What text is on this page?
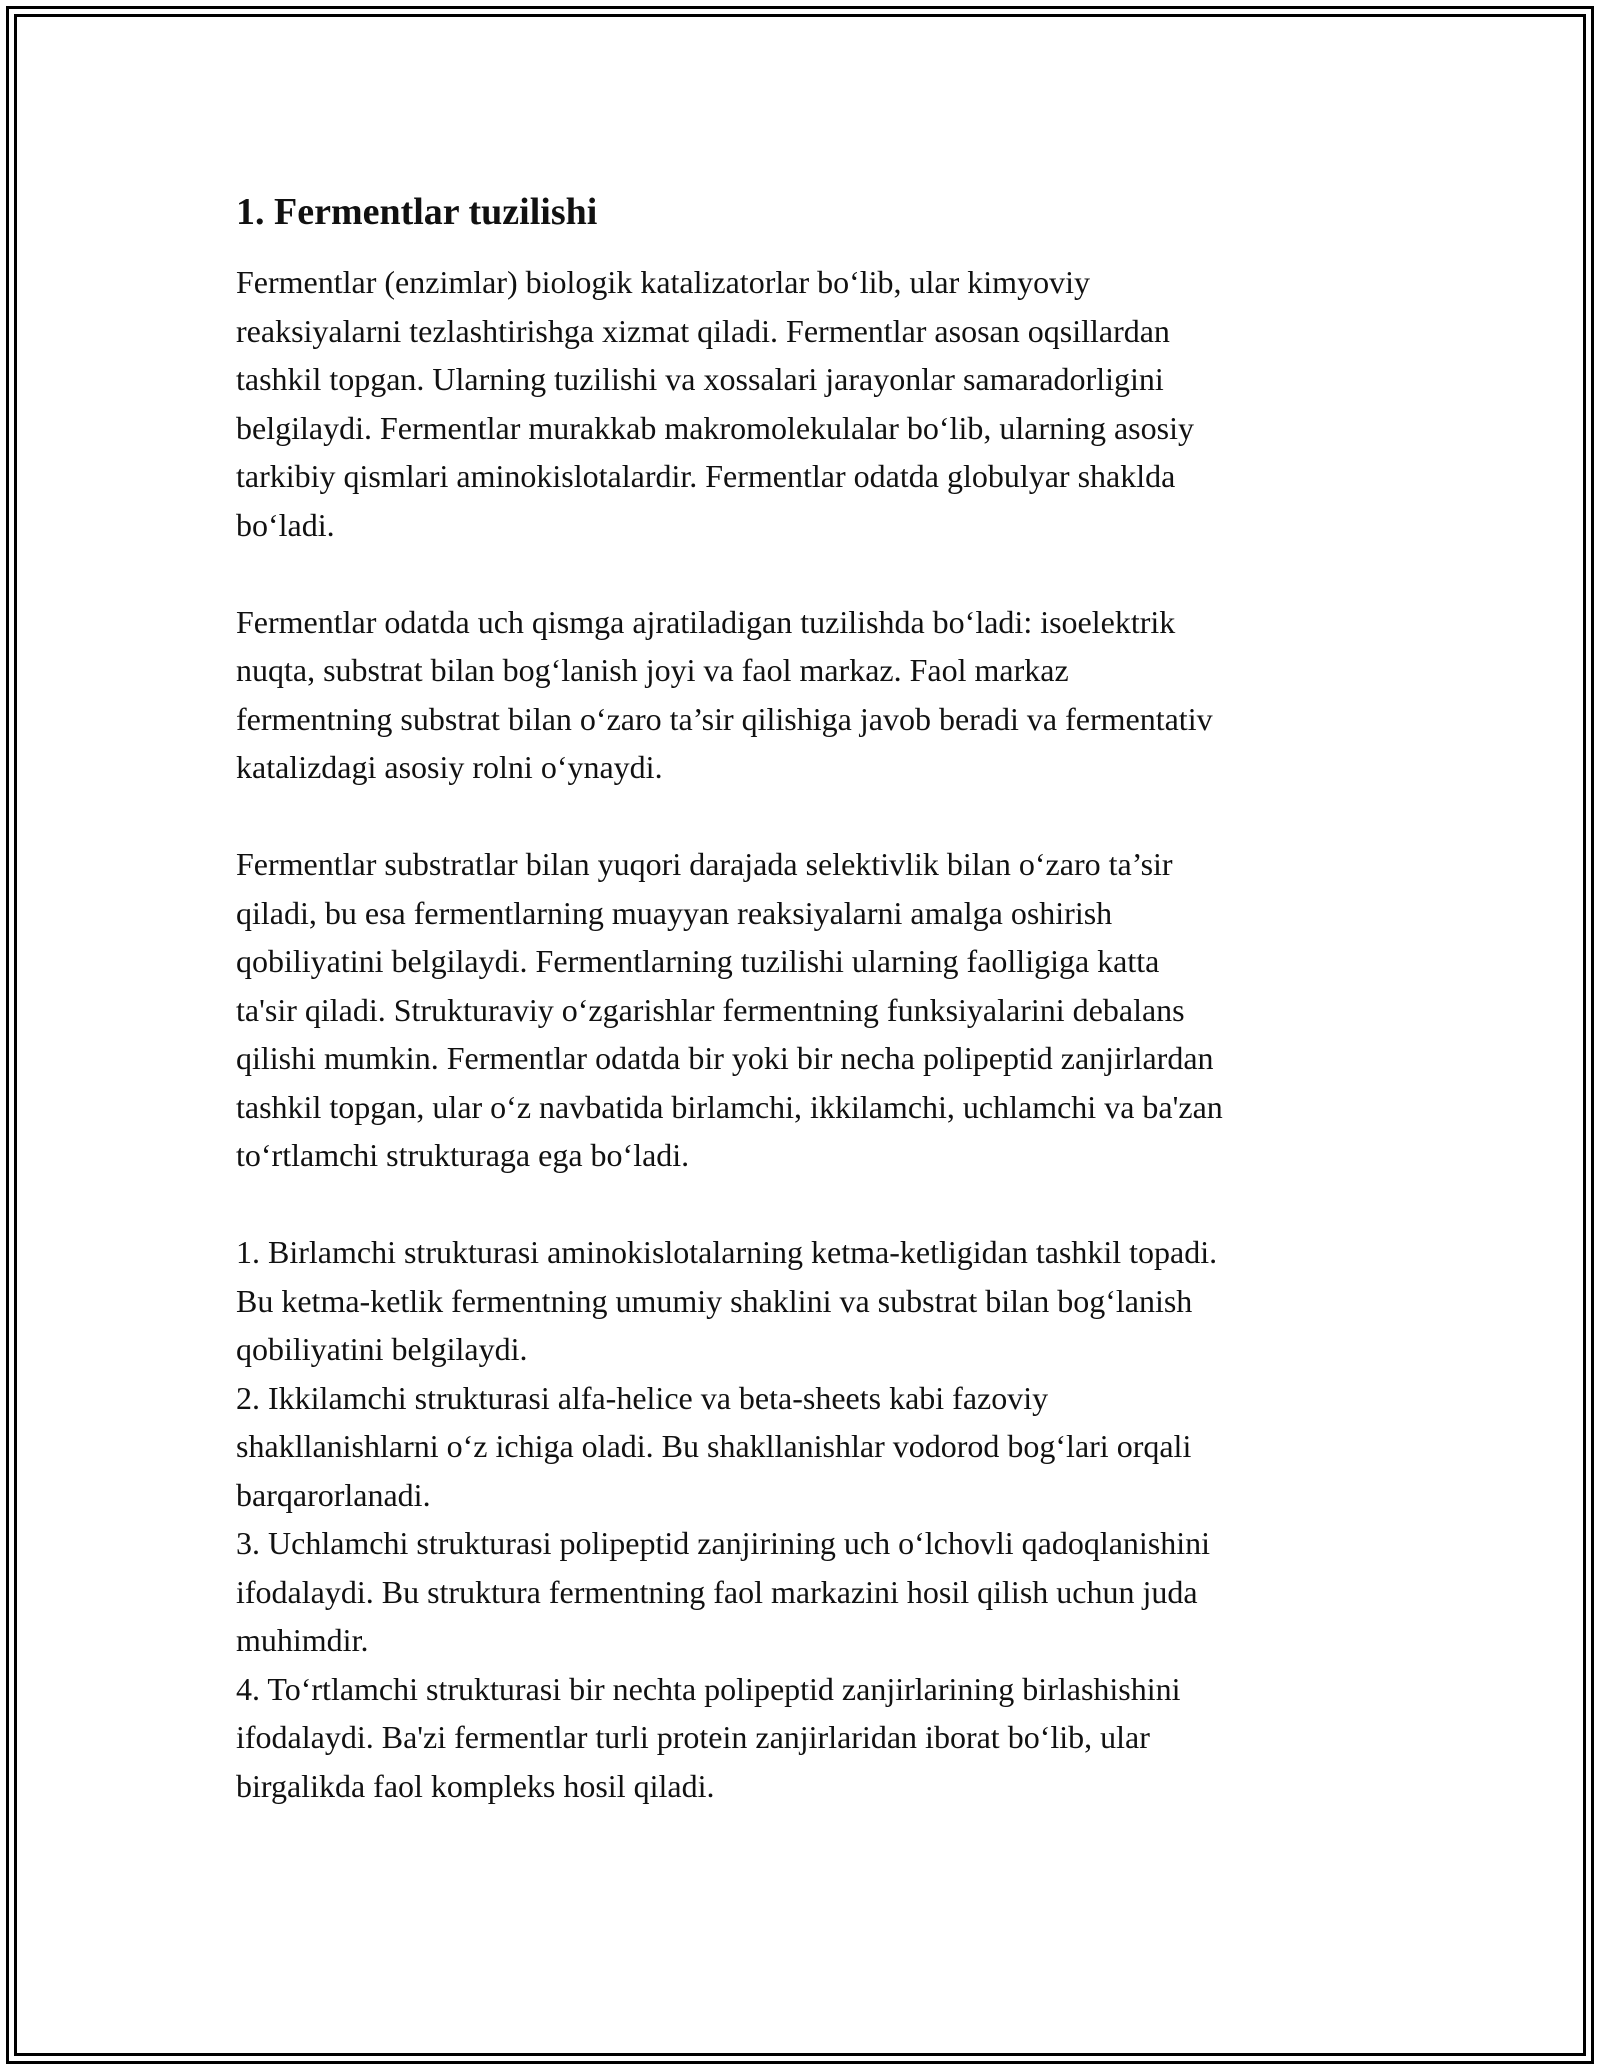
1. Fermentlar tuzilishi
Fermentlar (enzimlar) biologik katalizatorlar bo‘lib, ular kimyoviy
reaksiyalarni tezlashtirishga xizmat qiladi. Fermentlar asosan oqsillardan
tashkil topgan. Ularning tuzilishi va xossalari jarayonlar samaradorligini
belgilaydi. Fermentlar murakkab makromolekulalar bo‘lib, ularning asosiy
tarkibiy qismlari aminokislotalardir. Fermentlar odatda globulyar shaklda
bo‘ladi.
Fermentlar odatda uch qismga ajratiladigan tuzilishda bo‘ladi: isoelektrik
nuqta, substrat bilan bog‘lanish joyi va faol markaz. Faol markaz
fermentning substrat bilan o‘zaro ta’sir qilishiga javob beradi va fermentativ
katalizdagi asosiy rolni o‘ynaydi.
Fermentlar substratlar bilan yuqori darajada selektivlik bilan o‘zaro ta’sir
qiladi, bu esa fermentlarning muayyan reaksiyalarni amalga oshirish
qobiliyatini belgilaydi. Fermentlarning tuzilishi ularning faolligiga katta
ta'sir qiladi. Strukturaviy o‘zgarishlar fermentning funksiyalarini debalans
qilishi mumkin. Fermentlar odatda bir yoki bir necha polipeptid zanjirlardan
tashkil topgan, ular o‘z navbatida birlamchi, ikkilamchi, uchlamchi va ba'zan
to‘rtlamchi strukturaga ega bo‘ladi.
1. Birlamchi strukturasi aminokislotalarning ketma-ketligidan tashkil topadi.
Bu ketma-ketlik fermentning umumiy shaklini va substrat bilan bog‘lanish
qobiliyatini belgilaydi.
2. Ikkilamchi strukturasi alfa-helice va beta-sheets kabi fazoviy
shakllanishlarni o‘z ichiga oladi. Bu shakllanishlar vodorod bog‘lari orqali
barqarorlanadi.
3. Uchlamchi strukturasi polipeptid zanjirining uch o‘lchovli qadoqlanishini
ifodalaydi. Bu struktura fermentning faol markazini hosil qilish uchun juda
muhimdir.
4. To‘rtlamchi strukturasi bir nechta polipeptid zanjirlarining birlashishini
ifodalaydi. Ba'zi fermentlar turli protein zanjirlaridan iborat bo‘lib, ular
birgalikda faol kompleks hosil qiladi.
